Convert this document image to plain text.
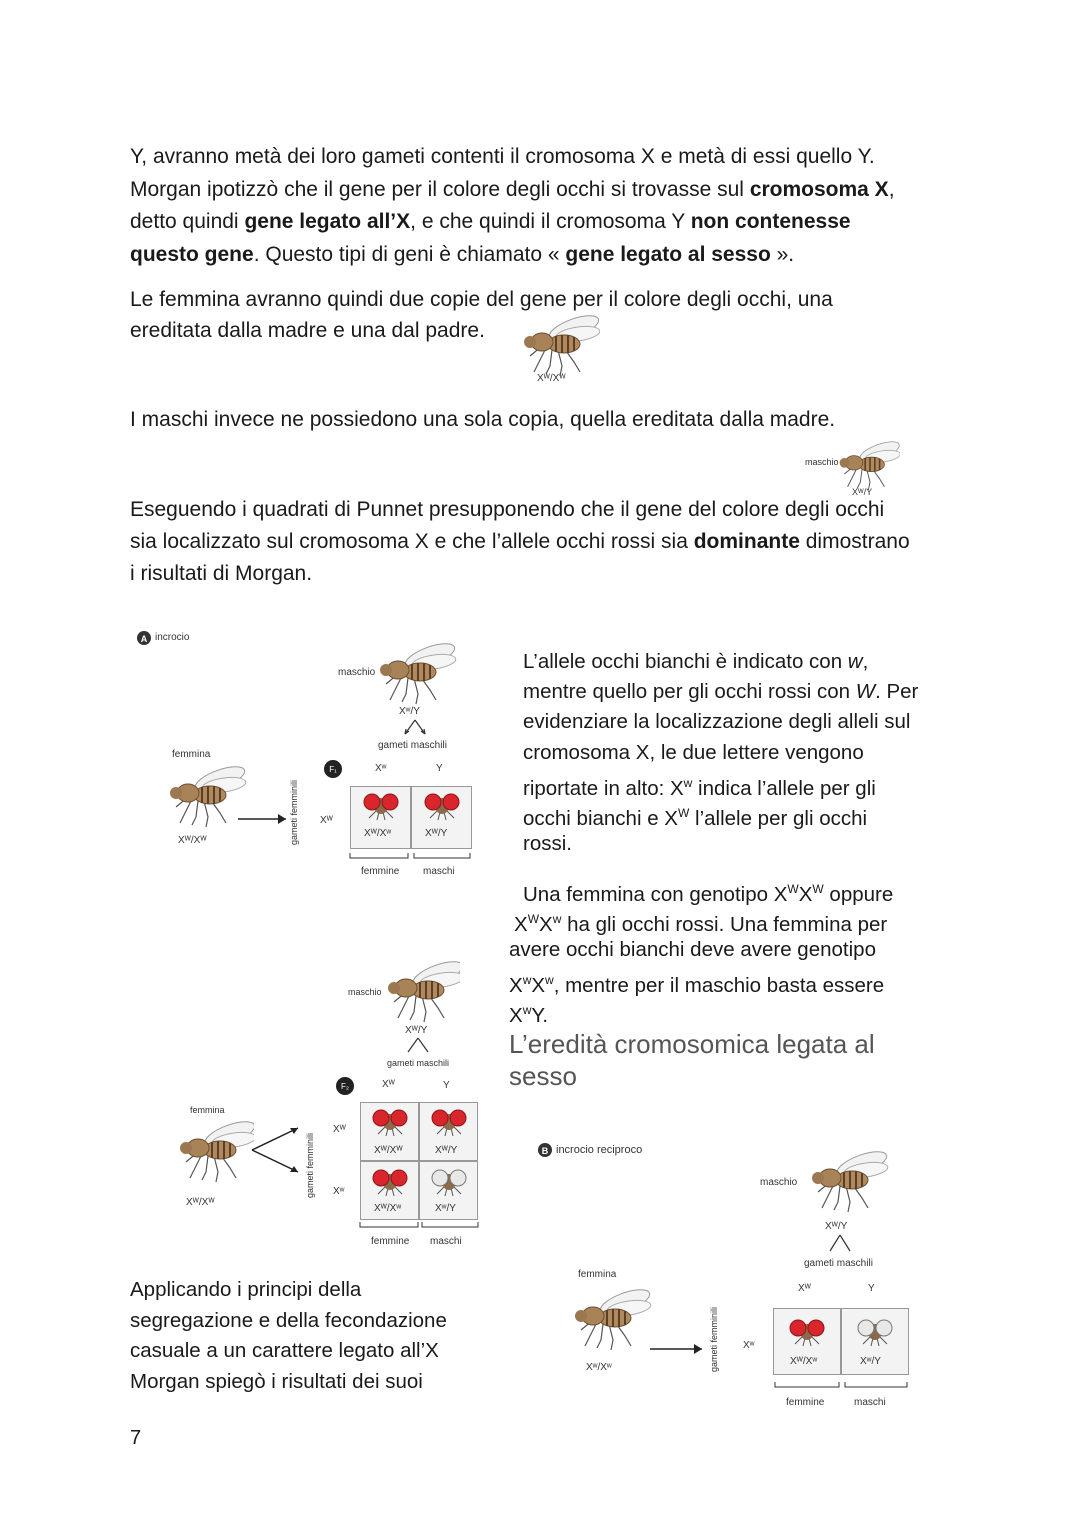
Y, avranno metà dei loro gameti contenti il cromosoma X e metà di essi quello Y.

Morgan ipotizzò che il gene per il colore degli occhi si trovasse sul cromosoma X,

detto quindi gene legato all’X, e che quindi il cromosoma Y non contenesse

questo gene. Questo tipi di geni è chiamato « gene legato al sesso ».

Le femmina avranno quindi due copie del gene per il colore degli occhi, una

ereditata dalla madre e una dal padre.

Xᵂ/Xᵂ

I maschi invece ne possiedono una sola copia, quella ereditata dalla madre.

maschio
Xᵂ/Y

Eseguendo i quadrati di Punnet presupponendo che il gene del colore degli occhi

sia localizzato sul cromosoma X e che l’allele occhi rossi sia dominante dimostrano

i risultati di Morgan.

A incrocio
maschio
Xʷ/Y
gameti maschili
F₁	Xʷ	Y
femmina
Xᵂ/Xᵂ	gameti femminili Xᵂ
Xᵂ/Xʷ	Xᵂ/Y
femmine maschi

L’allele occhi bianchi è indicato con w,

mentre quello per gli occhi rossi con W. Per

evidenziare la localizzazione degli alleli sul

cromosoma X, le due lettere vengono

riportate in alto: $X^w$ indica l’allele per gli

occhi bianchi e $X^W$ l’allele per gli occhi

rossi.

Una femmina con genotipo $X^WX^W$ oppure

$X^WX^w$ ha gli occhi rossi. Una femmina per

avere occhi bianchi deve avere genotipo

$X^wX^w$, mentre per il maschio basta essere

$X^wY$.

L’eredità cromosomica legata al sesso
maschio
Xᵂ/Y
gameti maschili
F₂	Xᵂ	Y
femmina
Xᵂ/Xᵂ
gameti femminili
Xᵂ
Xʷ
Xᵂ/Xᵂ	Xᵂ/Y
Xᵂ/Xʷ	Xʷ/Y
femmine maschi
B incrocio reciproco
maschio
Xᵂ/Y
gameti maschili
Xᵂ	Y
femmina
Xʷ/Xʷ	gameti femminili Xʷ
Xᵂ/Xʷ	Xʷ/Y
femmine	maschi

Applicando i principi della

segregazione e della fecondazione

casuale a un carattere legato all’X

Morgan spiegò i risultati dei suoi

7
